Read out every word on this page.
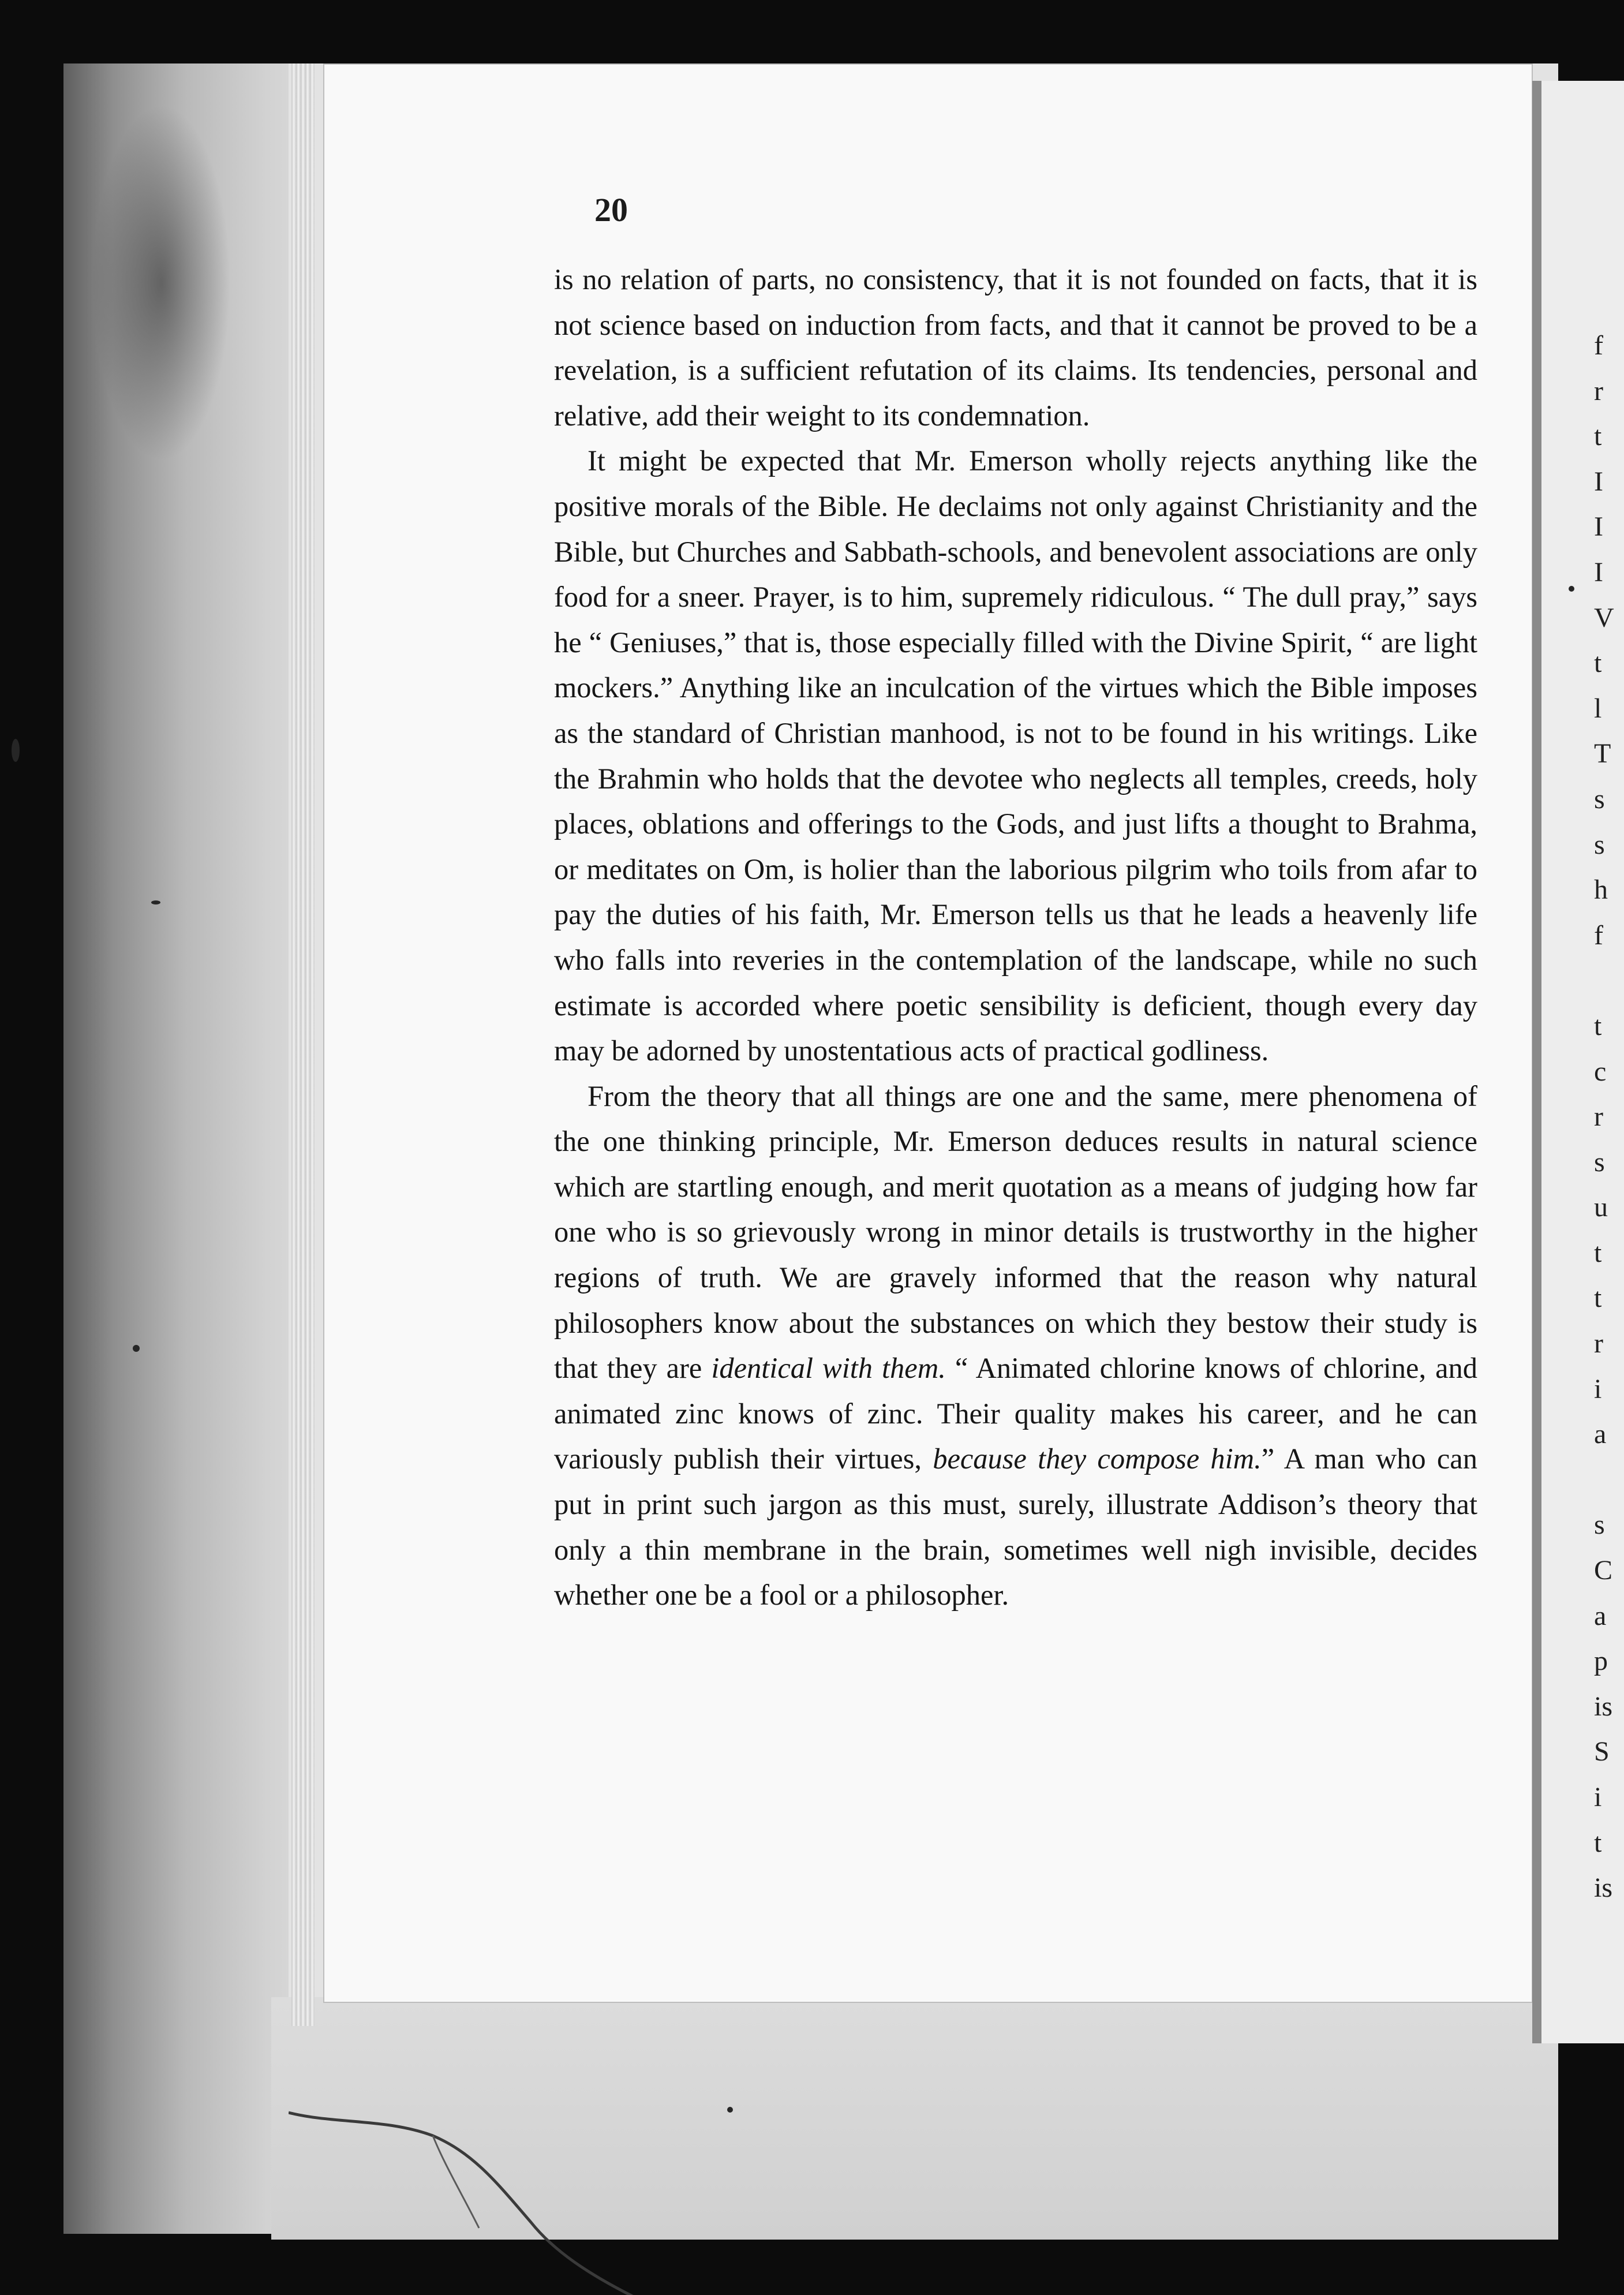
f
r
t
I
I
I
V
t
l
T
s
s
h
f
t
c
r
s
u
t
t
r
i
a
s
C
a
p
is
S
i
t
is
20

is no relation of parts, no consistency, that it is not founded on facts, that it is not science based on induction from facts, and that it cannot be proved to be a revelation, is a sufficient refutation of its claims. Its tendencies, personal and relative, add their weight to its condemnation.

It might be expected that Mr. Emerson wholly rejects anything like the positive morals of the Bible. He declaims not only against Christianity and the Bible, but Churches and Sabbath-schools, and benevolent associations are only food for a sneer. Prayer, is to him, supremely ridiculous. “ The dull pray,” says he “ Geniuses,” that is, those especially filled with the Divine Spirit, “ are light mockers.” Anything like an inculcation of the virtues which the Bible imposes as the standard of Christian manhood, is not to be found in his writings. Like the Brahmin who holds that the devotee who neglects all temples, creeds, holy places, oblations and offerings to the Gods, and just lifts a thought to Brahma, or meditates on Om, is holier than the laborious pilgrim who toils from afar to pay the duties of his faith, Mr. Emerson tells us that he leads a heavenly life who falls into reveries in the contemplation of the landscape, while no such estimate is accorded where poetic sensibility is deficient, though every day may be adorned by unostentatious acts of practical godliness.

From the theory that all things are one and the same, mere phenomena of the one thinking principle, Mr. Emerson deduces results in natural science which are startling enough, and merit quotation as a means of judging how far one who is so grievously wrong in minor details is trustworthy in the higher regions of truth. We are gravely informed that the reason why natural philosophers know about the substances on which they bestow their study is that they are identical with them. “ Animated chlorine knows of chlorine, and animated zinc knows of zinc. Their quality makes his career, and he can variously publish their virtues, because they compose him.” A man who can put in print such jargon as this must, surely, illustrate Addison’s theory that only a thin membrane in the brain, sometimes well nigh invisible, decides whether one be a fool or a philosopher.
